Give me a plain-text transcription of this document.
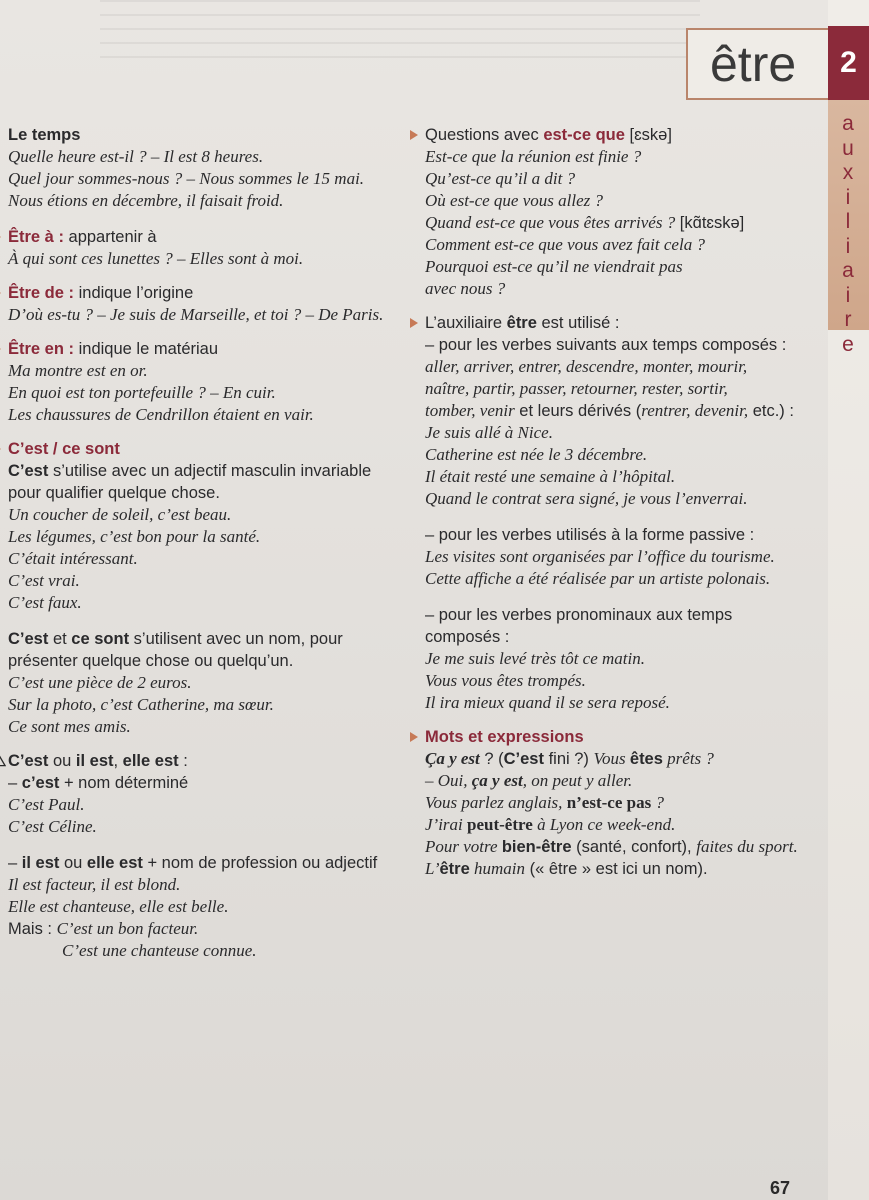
être	2
a
u
x
i
l
i
a
i
r
e
Le temps
Quelle heure est-il ? – Il est 8 heures.
Quel jour sommes-nous ? – Nous sommes le 15 mai.
Nous étions en décembre, il faisait froid.
Être à : appartenir à
À qui sont ces lunettes ? – Elles sont à moi.
Être de : indique l’origine
D’où es-tu ? – Je suis de Marseille, et toi ? – De Paris.
Être en : indique le matériau
Ma montre est en or.
En quoi est ton portefeuille ? – En cuir.
Les chaussures de Cendrillon étaient en vair.
C’est / ce sont
C’est s’utilise avec un adjectif masculin invariable
pour qualifier quelque chose.
Un coucher de soleil, c’est beau.
Les légumes, c’est bon pour la santé.
C’était intéressant.
C’est vrai.
C’est faux.
C’est et ce sont s’utilisent avec un nom, pour
présenter quelque chose ou quelqu’un.
C’est une pièce de 2 euros.
Sur la photo, c’est Catherine, ma sœur.
Ce sont mes amis.
C’est ou il est, elle est :
– c’est + nom déterminé
C’est Paul.
C’est Céline.
– il est ou elle est + nom de profession ou adjectif
Il est facteur, il est blond.
Elle est chanteuse, elle est belle.
Mais : C’est un bon facteur.
C’est une chanteuse connue.
Questions avec est-ce que [ɛskə]
Est-ce que la réunion est finie ?
Qu’est-ce qu’il a dit ?
Où est-ce que vous allez ?
Quand est-ce que vous êtes arrivés ? [kɑ̃tɛskə]
Comment est-ce que vous avez fait cela ?
Pourquoi est-ce qu’il ne viendrait pas
avec nous ?
L’auxiliaire être est utilisé :
– pour les verbes suivants aux temps composés :
aller, arriver, entrer, descendre, monter, mourir,
naître, partir, passer, retourner, rester, sortir,
tomber, venir et leurs dérivés (rentrer, devenir, etc.) :
Je suis allé à Nice.
Catherine est née le 3 décembre.
Il était resté une semaine à l’hôpital.
Quand le contrat sera signé, je vous l’enverrai.
– pour les verbes utilisés à la forme passive :
Les visites sont organisées par l’office du tourisme.
Cette affiche a été réalisée par un artiste polonais.
– pour les verbes pronominaux aux temps
composés :
Je me suis levé très tôt ce matin.
Vous vous êtes trompés.
Il ira mieux quand il se sera reposé.
Mots et expressions
Ça y est ? (C’est fini ?) Vous êtes prêts ?
– Oui, ça y est, on peut y aller.
Vous parlez anglais, n’est-ce pas ?
J’irai peut-être à Lyon ce week-end.
Pour votre bien-être (santé, confort), faites du sport.
L’être humain (« être » est ici un nom).
67
